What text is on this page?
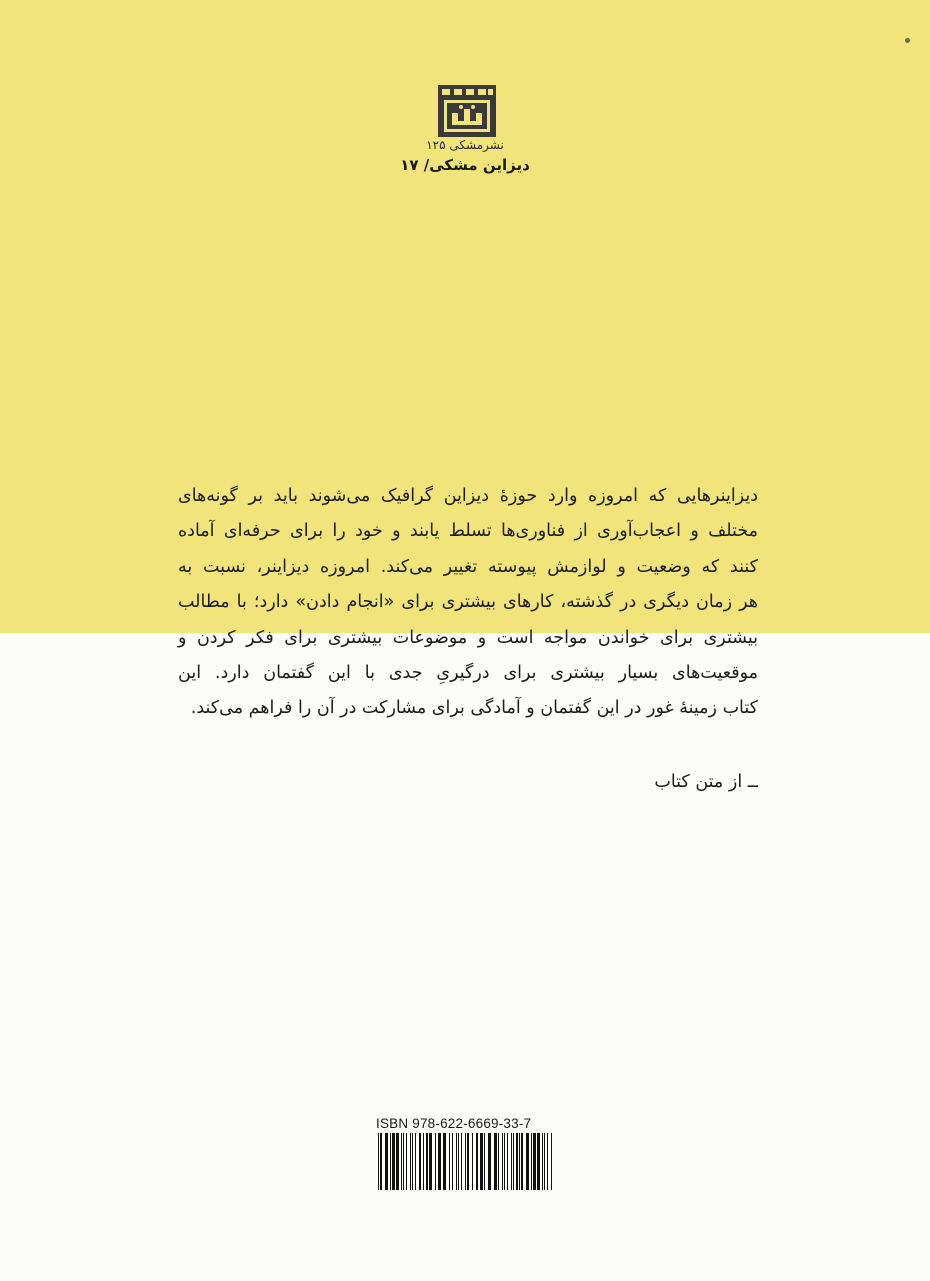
نشرمشکی ۱۲۵
دیزاین مشکی/ ۱۷
دیزاینرهایی که امروزه وارد حوزهٔ دیزاین گرافیک می‌شوند باید بر گونه‌های
مختلف و اعجاب‌آوری از فناوری‌ها تسلط یابند و خود را برای حرفه‌ای آماده
کنند که وضعیت و لوازمش پیوسته تغییر می‌کند. امروزه دیزاینر، نسبت به
هر زمان دیگری در گذشته، کارهای بیشتری برای «انجام دادن» دارد؛ با مطالب
بیشتری برای خواندن مواجه است و موضوعات بیشتری برای فکر کردن و
موقعیت‌های بسیار بیشتری برای درگیریِ جدی با این گفتمان دارد. این
کتاب زمینهٔ غور در این گفتمان و آمادگی برای مشارکت در آن را فراهم می‌کند.
ــ از متن کتاب
ISBN 978-622-6669-33-7
